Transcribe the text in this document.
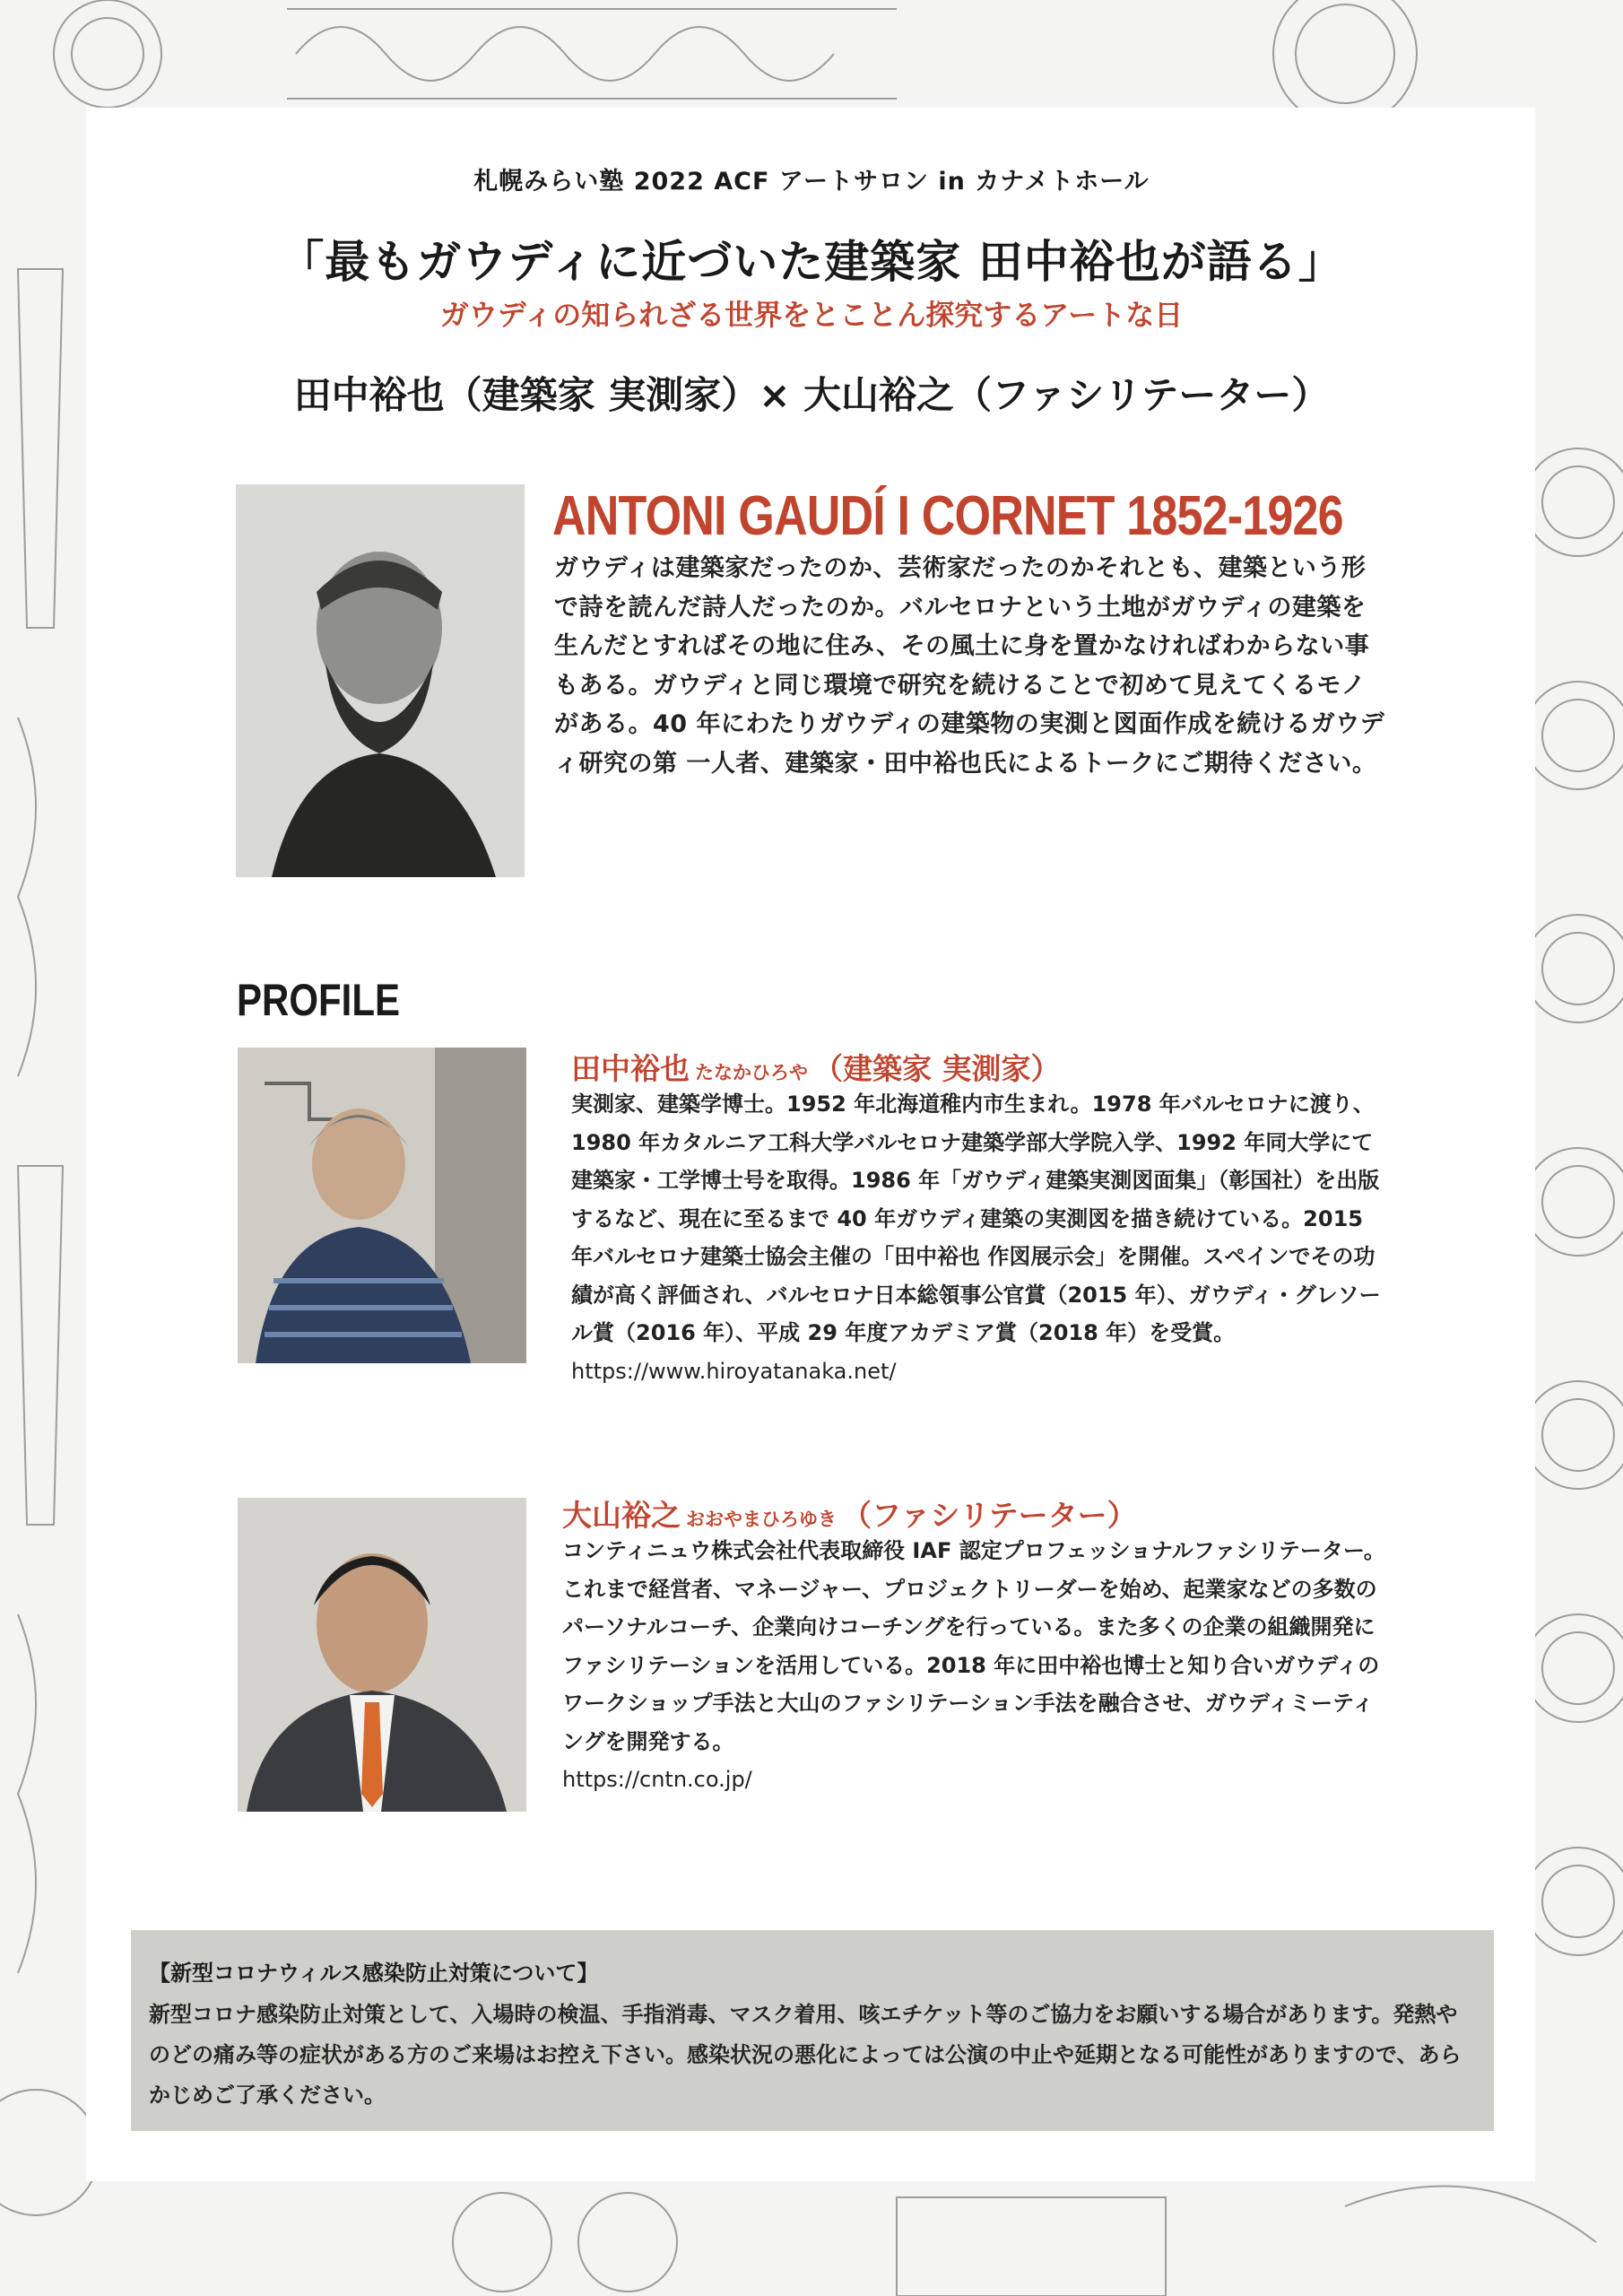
札幌みらい塾 2022 ACF アートサロン in カナメトホール
「最もガウディに近づいた建築家 田中裕也が語る」
ガウディの知られざる世界をとことん探究するアートな日
田中裕也（建築家 実測家）× 大山裕之（ファシリテーター）
ANTONI GAUDÍ I CORNET 1852-1926
ガウディは建築家だったのか、芸術家だったのかそれとも、建築という形で詩を読んだ詩人だったのか。バルセロナという土地がガウディの建築を生んだとすればその地に住み、その風土に身を置かなければわからない事もある。ガウディと同じ環境で研究を続けることで初めて見えてくるモノがある。40 年にわたりガウディの建築物の実測と図面作成を続けるガウディ研究の第 一人者、建築家・田中裕也氏によるトークにご期待ください。
PROFILE
田中裕也 たなかひろや （建築家 実測家）
実測家、建築学博士。1952 年北海道稚内市生まれ。1978 年バルセロナに渡り、1980 年カタルニア工科大学バルセロナ建築学部大学院入学、1992 年同大学にて建築家・工学博士号を取得。1986 年「ガウディ建築実測図面集」（彰国社）を出版するなど、現在に至るまで 40 年ガウディ建築の実測図を描き続けている。2015 年バルセロナ建築士協会主催の「田中裕也 作図展示会」を開催。スペインでその功績が高く評価され、バルセロナ日本総領事公官賞（2015 年）、ガウディ・グレソール賞（2016 年）、平成 29 年度アカデミア賞（2018 年）を受賞。
https://www.hiroyatanaka.net/
大山裕之 おおやまひろゆき （ファシリテーター）
コンティニュウ株式会社代表取締役 IAF 認定プロフェッショナルファシリテーター。これまで経営者、マネージャー、プロジェクトリーダーを始め、起業家などの多数のパーソナルコーチ、企業向けコーチングを行っている。また多くの企業の組織開発にファシリテーションを活用している。2018 年に田中裕也博士と知り合いガウディのワークショップ手法と大山のファシリテーション手法を融合させ、ガウディミーティングを開発する。
https://cntn.co.jp/
【新型コロナウィルス感染防止対策について】
新型コロナ感染防止対策として、入場時の検温、手指消毒、マスク着用、咳エチケット等のご協力をお願いする場合があります。発熱やのどの痛み等の症状がある方のご来場はお控え下さい。感染状況の悪化によっては公演の中止や延期となる可能性がありますので、あらかじめご了承ください。
